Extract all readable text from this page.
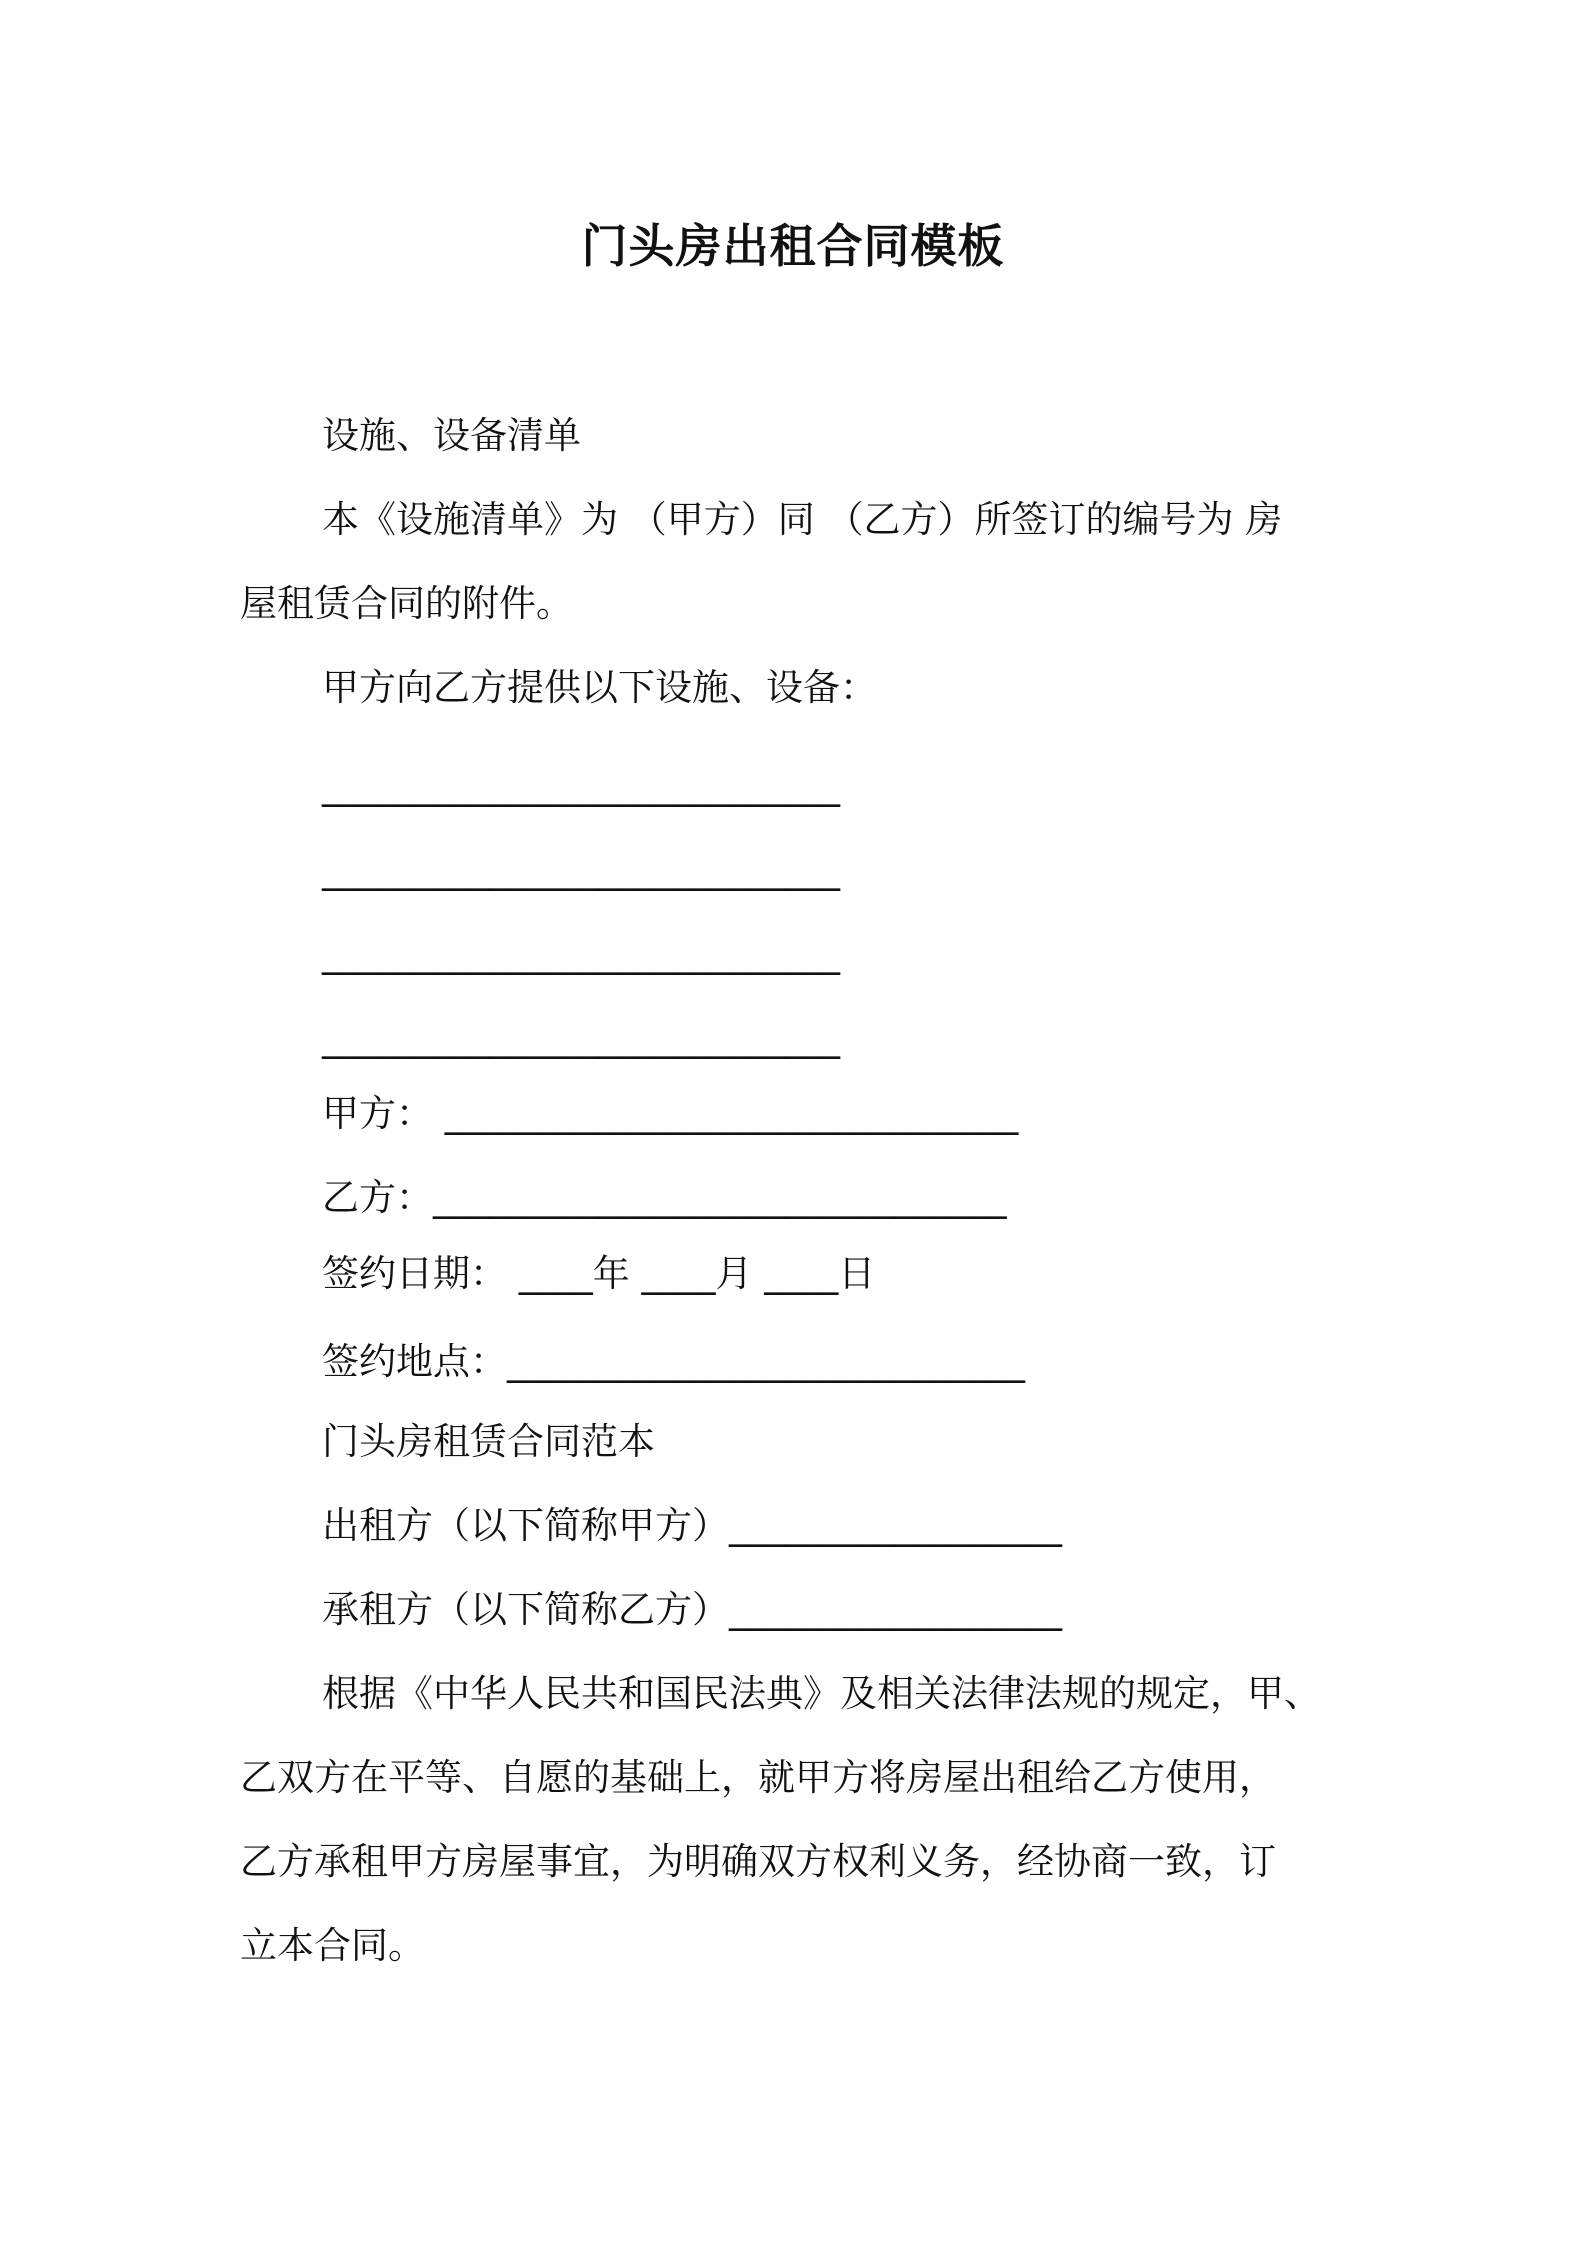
门头房出租合同模板
设施、设备清单
本《设施清单》为 （甲方）同 （乙方）所签订的编号为 房
屋租赁合同的附件。
甲方向乙方提供以下设施、设备：
____________________________
____________________________
____________________________
____________________________
甲方： _______________________________
乙方：_______________________________
签约日期： ____年 ____月 ____日
签约地点：____________________________
门头房租赁合同范本
出租方（以下简称甲方）__________________
承租方（以下简称乙方）__________________
根据《中华人民共和国民法典》及相关法律法规的规定，甲、
乙双方在平等、自愿的基础上，就甲方将房屋出租给乙方使用，
乙方承租甲方房屋事宜，为明确双方权利义务，经协商一致，订
立本合同。
